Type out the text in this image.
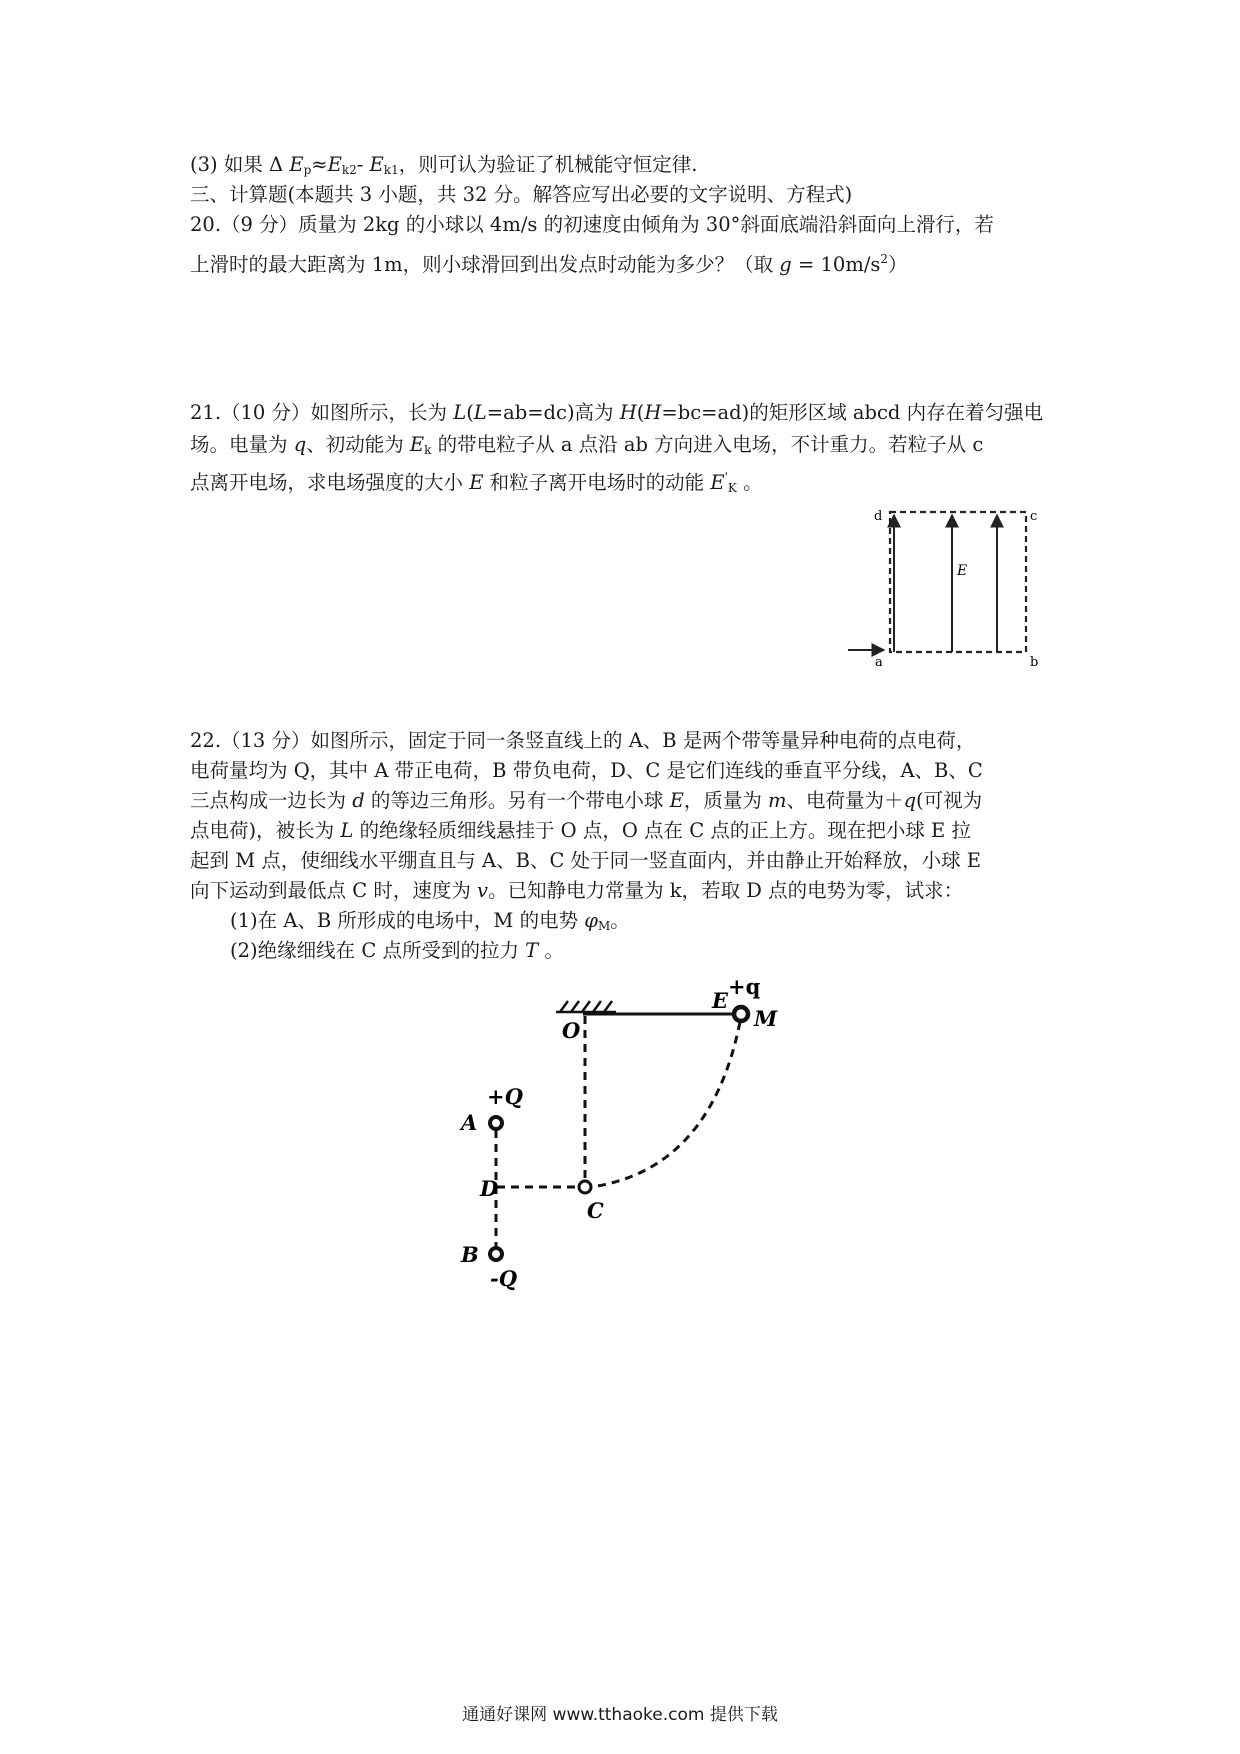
(3) 如果 Δ $E_p\approx E_{k2}-$ $E_{k1}$，则可认为验证了机械能守恒定律.
三、计算题(本题共 3 小题，共 32 分。解答应写出必要的文字说明、方程式)
20.（9 分）质量为 2kg 的小球以 4m/s 的初速度由倾角为 30°斜面底端沿斜面向上滑行，若
上滑时的最大距离为 1m，则小球滑回到出发点时动能为多少？（取 $g = 10m/s^2$）
21.（10 分）如图所示，长为 L(L=ab=dc)高为 H(H=bc=ad)的矩形区域 abcd 内存在着匀强电
场。电量为 q、初动能为 $E_k$ 的带电粒子从 a 点沿 ab 方向进入电场，不计重力。若粒子从 c
点离开电场，求电场强度的大小 E 和粒子离开电场时的动能 $E'_K$ 。
d	c
a	b
E
22.（13 分）如图所示，固定于同一条竖直线上的 A、B 是两个带等量异种电荷的点电荷，
电荷量均为 Q，其中 A 带正电荷，B 带负电荷，D、C 是它们连线的垂直平分线，A、B、C
三点构成一边长为 d 的等边三角形。另有一个带电小球 E，质量为 m、电荷量为＋q(可视为
点电荷)，被长为 L 的绝缘轻质细线悬挂于 O 点，O 点在 C 点的正上方。现在把小球 E 拉
起到 M 点，使细线水平绷直且与 A、B、C 处于同一竖直面内，并由静止开始释放，小球 E
向下运动到最低点 C 时，速度为 v。已知静电力常量为 k，若取 D 点的电势为零，试求：
(1)在 A、B 所形成的电场中，M 的电势 $\varphi_M$。
(2)绝缘细线在 C 点所受到的拉力 T 。
O
E
+q
M
+Q
A
D
C
B
-Q
通通好课网 www.tthaoke.com 提供下载
